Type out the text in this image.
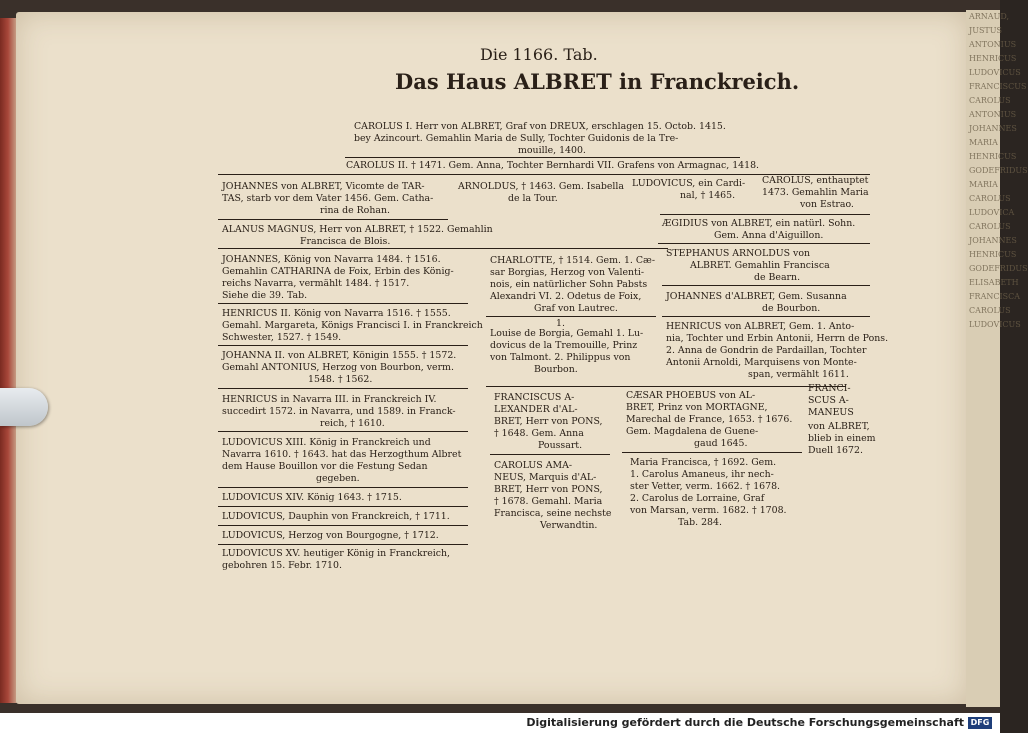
ARNAUD,
JUSTUS
ANTONIUS
HENRICUS
LUDOVICUS
FRANCISCUS
CAROLUS
ANTONIUS
JOHANNES
MARIA
HENRICUS
GODEFRIDUS
MARIA
CAROLUS
LUDOVICA
CAROLUS
JOHANNES
HENRICUS
GODEFRIDUS
ELISABETH
FRANCISCA
CAROLUS
LUDOVICUS
Die 1166. Tab.
Das Haus ALBRET in Franckreich.
CAROLUS I. Herr von ALBRET, Graf von DREUX, erschlagen 15. Octob. 1415.
bey Azincourt. Gemahlin Maria de Sully, Tochter Guidonis de la Tre-
mouille, 1400.
CAROLUS II. † 1471. Gem. Anna, Tochter Bernhardi VII. Grafens von Armagnac, 1418.
JOHANNES von ALBRET, Vicomte de TAR-
TAS, starb vor dem Vater 1456. Gem. Catha-
rina de Rohan.
ARNOLDUS, † 1463. Gem. Isabella
de la Tour.
LUDOVICUS, ein Cardi-
nal, † 1465.
CAROLUS, enthauptet
1473. Gemahlin Maria
von Estrao.
ALANUS MAGNUS, Herr von ALBRET, † 1522. Gemahlin
Francisca de Blois.
JOHANNES, König von Navarra 1484. † 1516.
Gemahlin CATHARINA de Foix, Erbin des König-
reichs Navarra, vermählt 1484. † 1517.
Siehe die 39. Tab.
HENRICUS II. König von Navarra 1516. † 1555.
Gemahl. Margareta, Königs Francisci I. in Franckreich
Schwester, 1527. † 1549.
JOHANNA II. von ALBRET, Königin 1555. † 1572.
Gemahl ANTONIUS, Herzog von Bourbon, verm.
1548. † 1562.
HENRICUS in Navarra III. in Franckreich IV.
succedirt 1572. in Navarra, und 1589. in Franck-
reich, † 1610.
LUDOVICUS XIII. König in Franckreich und
Navarra 1610. † 1643. hat das Herzogthum Albret
dem Hause Bouillon vor die Festung Sedan
gegeben.
LUDOVICUS XIV. König 1643. † 1715.
LUDOVICUS, Dauphin von Franckreich, † 1711.
LUDOVICUS, Herzog von Bourgogne, † 1712.
LUDOVICUS XV. heutiger König in Franckreich,
gebohren 15. Febr. 1710.
CHARLOTTE, † 1514. Gem. 1. Cæ-
sar Borgias, Herzog von Valenti-
nois, ein natürlicher Sohn Pabsts
Alexandri VI. 2. Odetus de Foix,
Graf von Lautrec.
1.
Louise de Borgia, Gemahl 1. Lu-
dovicus de la Tremouille, Prinz
von Talmont. 2. Philippus von
Bourbon.
FRANCISCUS A-
LEXANDER d'AL-
BRET, Herr von PONS,
† 1648. Gem. Anna
Poussart.
CAROLUS AMA-
NEUS, Marquis d'AL-
BRET, Herr von PONS,
† 1678. Gemahl. Maria
Francisca, seine nechste
Verwandtin.
ÆGIDIUS von ALBRET, ein natürl. Sohn.
Gem. Anna d'Aiguillon.
STEPHANUS ARNOLDUS von
ALBRET. Gemahlin Francisca
de Bearn.
JOHANNES d'ALBRET, Gem. Susanna
de Bourbon.
HENRICUS von ALBRET, Gem. 1. Anto-
nia, Tochter und Erbin Antonii, Herrn de Pons.
2. Anna de Gondrin de Pardaillan, Tochter
Antonii Arnoldi, Marquisens von Monte-
span, vermählt 1611.
CÆSAR PHOEBUS von AL-
BRET, Prinz von MORTAGNE,
Marechal de France, 1653. † 1676.
Gem. Magdalena de Guene-
gaud 1645.
Maria Francisca, † 1692. Gem.
1. Carolus Amaneus, ihr nech-
ster Vetter, verm. 1662. † 1678.
2. Carolus de Lorraine, Graf
von Marsan, verm. 1682. † 1708.
Tab. 284.
FRANCI-
SCUS A-
MANEUS
von ALBRET,
blieb in einem
Duell 1672.
Digitalisierung gefördert durch die Deutsche Forschungsgemeinschaft DFG
